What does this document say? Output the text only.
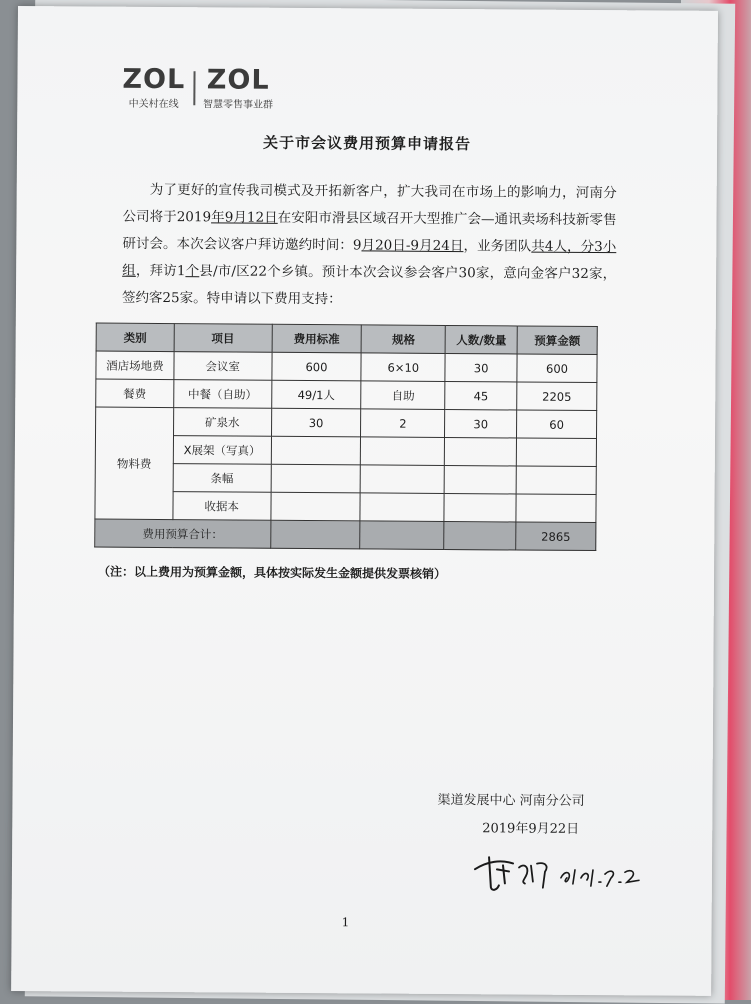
ZOL
中关村在线
ZOL
智慧零售事业群
关于市会议费用预算申请报告

为了更好的宣传我司模式及开拓新客户，扩大我司在市场上的影响力，河南分公司将于2019年9月12日在安阳市滑县区域召开大型推广会—通讯卖场科技新零售研讨会。本次会议客户拜访邀约时间：9月20日-9月24日，业务团队共4人，分3小组，拜访1个县/市/区22个乡镇。预计本次会议参会客户30家，意向金客户32家，签约客25家。特申请以下费用支持：

类别	项目	费用标准	规格	人数/数量	预算金额
酒店场地费	会议室	600	6×10	30	600
餐费	中餐（自助）	49/1人	自助	45	2205
物料费	矿泉水	30	2	30	60
	X展架（写真）				
	条幅				
	收据本				
费用预算合计：					2865
（注：以上费用为预算金额，具体按实际发生金额提供发票核销）
渠道发展中心 河南分公司
2019年9月22日
1
